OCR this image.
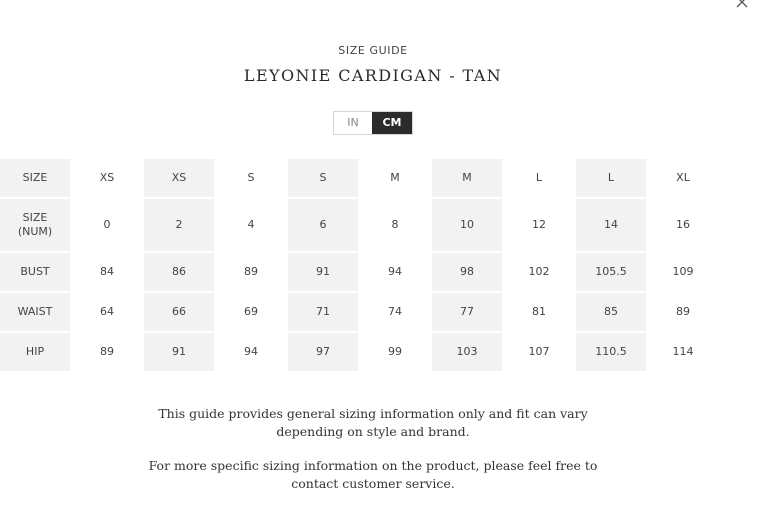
SIZE GUIDE
LEYONIE CARDIGAN - TAN
IN	CM
SIZE	XS	XS	S	S	M	M	L	L	XL
SIZE
(NUM)	0	2	4	6	8	10	12	14	16
BUST	84	86	89	91	94	98	102	105.5	109
WAIST	64	66	69	71	74	77	81	85	89
HIP	89	91	94	97	99	103	107	110.5	114
This guide provides general sizing information only and fit can vary
depending on style and brand.
For more specific sizing information on the product, please feel free to
contact customer service.
